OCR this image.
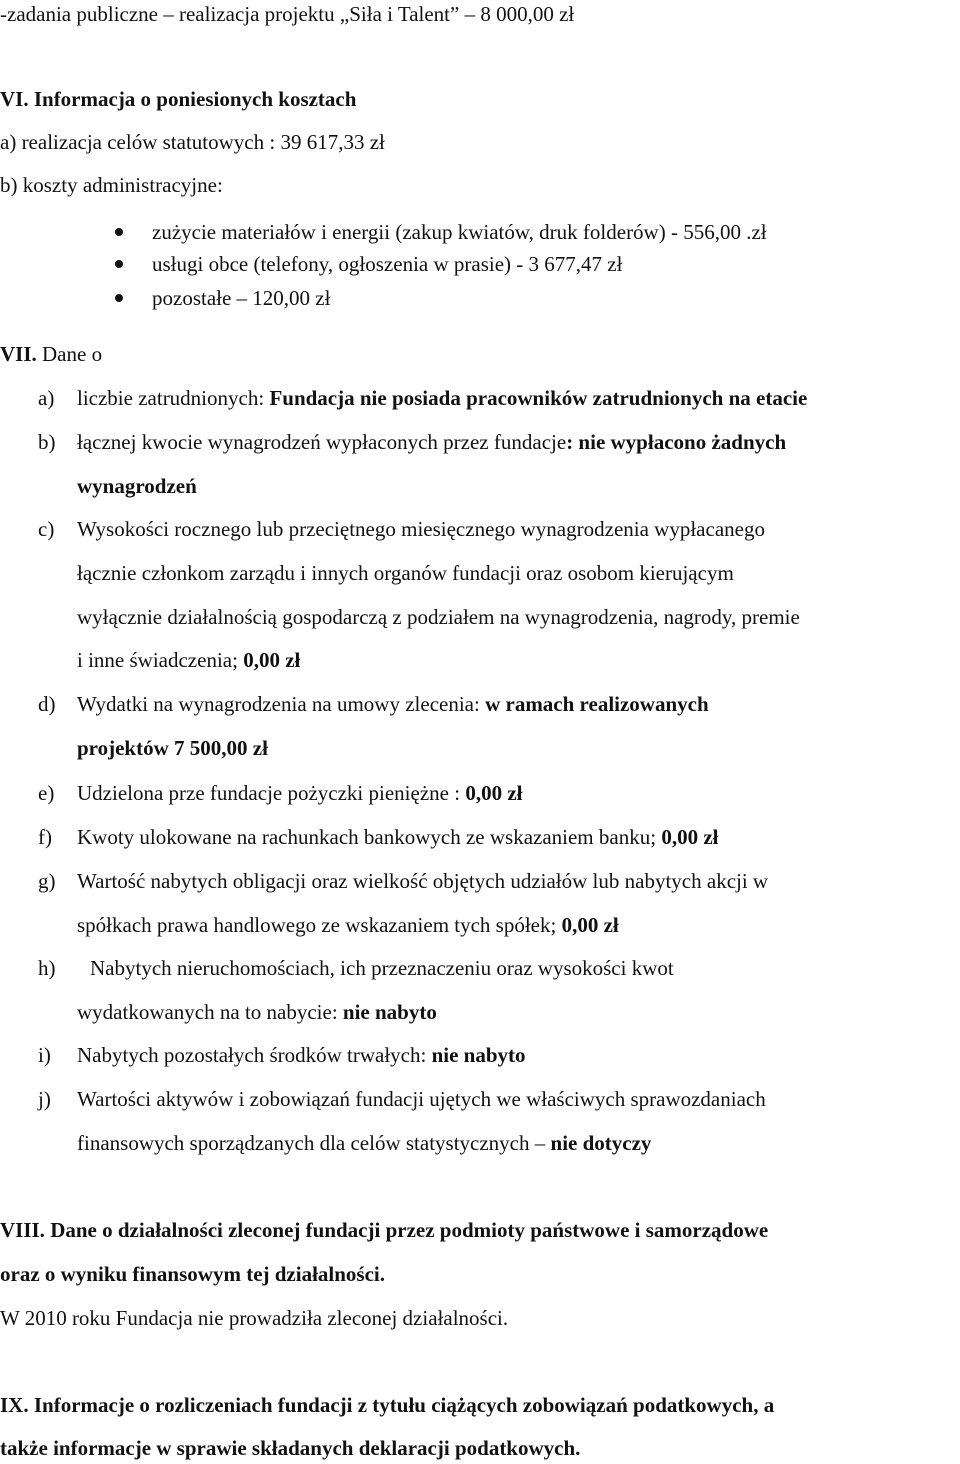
-zadania publiczne – realizacja projektu „Siła i Talent” – 8 000,00 zł
VI. Informacja o poniesionych kosztach
a) realizacja celów statutowych : 39 617,33 zł
b) koszty administracyjne:
zużycie materiałów i energii (zakup kwiatów, druk folderów) - 556,00 .zł
usługi obce (telefony, ogłoszenia w prasie) - 3 677,47 zł
pozostałe – 120,00 zł
VII. Dane o
a) liczbie zatrudnionych: Fundacja nie posiada pracowników zatrudnionych na etacie
b) łącznej kwocie wynagrodzeń wypłaconych przez fundacje: nie wypłacono żadnych
wynagrodzeń
c) Wysokości rocznego lub przeciętnego miesięcznego wynagrodzenia wypłacanego
łącznie członkom zarządu i innych organów fundacji oraz osobom kierującym
wyłącznie działalnością gospodarczą z podziałem na wynagrodzenia, nagrody, premie
i inne świadczenia; 0,00 zł
d) Wydatki na wynagrodzenia na umowy zlecenia: w ramach realizowanych
projektów 7 500,00 zł
e) Udzielona prze fundacje pożyczki pieniężne : 0,00 zł
f) Kwoty ulokowane na rachunkach bankowych ze wskazaniem banku; 0,00 zł
g) Wartość nabytych obligacji oraz wielkość objętych udziałów lub nabytych akcji w
spółkach prawa handlowego ze wskazaniem tych spółek; 0,00 zł
h) Nabytych nieruchomościach, ich przeznaczeniu oraz wysokości kwot
wydatkowanych na to nabycie: nie nabyto
i) Nabytych pozostałych środków trwałych: nie nabyto
j) Wartości aktywów i zobowiązań fundacji ujętych we właściwych sprawozdaniach
finansowych sporządzanych dla celów statystycznych – nie dotyczy
VIII. Dane o działalności zleconej fundacji przez podmioty państwowe i samorządowe
oraz o wyniku finansowym tej działalności.
W 2010 roku Fundacja nie prowadziła zleconej działalności.
IX. Informacje o rozliczeniach fundacji z tytułu ciążących zobowiązań podatkowych, a
także informacje w sprawie składanych deklaracji podatkowych.
